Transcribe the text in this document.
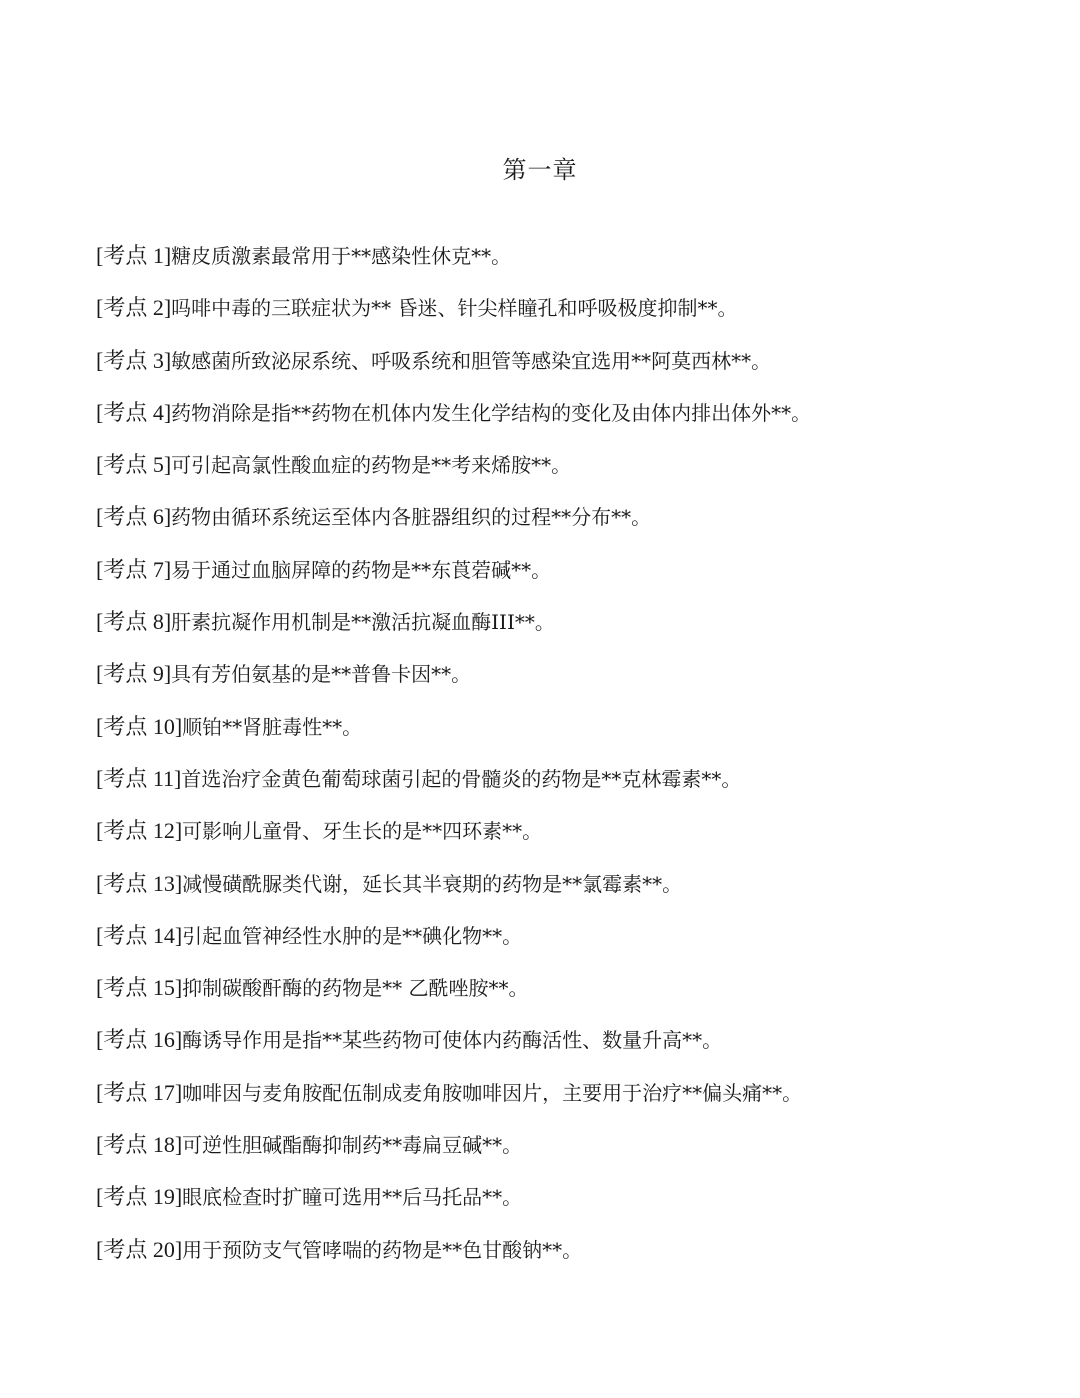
第一章
[考点 1]糖皮质激素最常用于**感染性休克**。
[考点 2]吗啡中毒的三联症状为** 昏迷、针尖样瞳孔和呼吸极度抑制**。
[考点 3]敏感菌所致泌尿系统、呼吸系统和胆管等感染宜选用**阿莫西林**。
[考点 4]药物消除是指**药物在机体内发生化学结构的变化及由体内排出体外**。
[考点 5]可引起高氯性酸血症的药物是**考来烯胺**。
[考点 6]药物由循环系统运至体内各脏器组织的过程**分布**。
[考点 7]易于通过血脑屏障的药物是**东莨菪碱**。
[考点 8]肝素抗凝作用机制是**激活抗凝血酶III**。
[考点 9]具有芳伯氨基的是**普鲁卡因**。
[考点 10]顺铂**肾脏毒性**。
[考点 11]首选治疗金黄色葡萄球菌引起的骨髓炎的药物是**克林霉素**。
[考点 12]可影响儿童骨、牙生长的是**四环素**。
[考点 13]减慢磺酰脲类代谢，延长其半衰期的药物是**氯霉素**。
[考点 14]引起血管神经性水肿的是**碘化物**。
[考点 15]抑制碳酸酐酶的药物是** 乙酰唑胺**。
[考点 16]酶诱导作用是指**某些药物可使体内药酶活性、数量升高**。
[考点 17]咖啡因与麦角胺配伍制成麦角胺咖啡因片，主要用于治疗**偏头痛**。
[考点 18]可逆性胆碱酯酶抑制药**毒扁豆碱**。
[考点 19]眼底检查时扩瞳可选用**后马托品**。
[考点 20]用于预防支气管哮喘的药物是**色甘酸钠**。
